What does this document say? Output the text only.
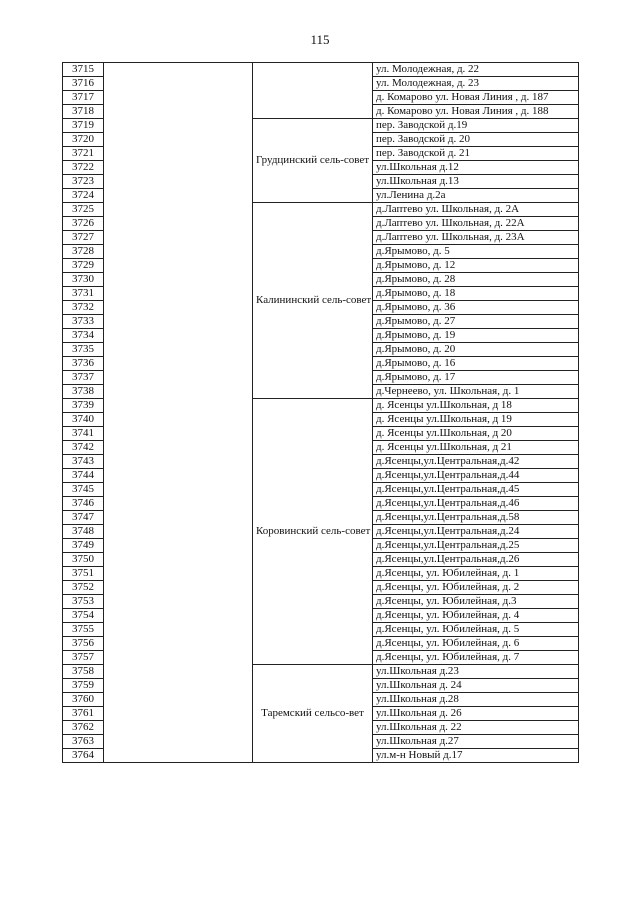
115
3715			ул. Молодежная, д. 22
3716			ул. Молодежная, д. 23
3717			д. Комарово ул. Новая Линия , д. 187
3718			д. Комарово ул. Новая Линия , д. 188
3719		Грудцинский сель-совет	пер. Заводской д.19
3720			пер. Заводской д. 20
3721			пер. Заводской д. 21
3722			ул.Школьная д.12
3723			ул.Школьная д.13
3724			ул.Ленина д.2а
3725		Калининский сель-совет	д.Лаптево ул. Школьная, д. 2А
3726			д.Лаптево ул. Школьная, д. 22А
3727			д.Лаптево ул. Школьная, д. 23А
3728			д.Ярымово, д. 5
3729			д.Ярымово, д. 12
3730			д.Ярымово, д. 28
3731			д.Ярымово, д. 18
3732			д.Ярымово, д. 36
3733			д.Ярымово, д. 27
3734			д.Ярымово, д. 19
3735			д.Ярымово, д. 20
3736			д.Ярымово, д. 16
3737			д.Ярымово, д. 17
3738			д.Чернеево, ул. Школьная, д. 1
3739		Коровинский сель-совет	д. Ясенцы ул.Школьная, д 18
3740			д. Ясенцы ул.Школьная, д 19
3741			д. Ясенцы ул.Школьная, д 20
3742			д. Ясенцы ул.Школьная, д 21
3743			д.Ясенцы,ул.Центральная,д.42
3744			д.Ясенцы,ул.Центральная,д.44
3745			д.Ясенцы,ул.Центральная,д.45
3746			д.Ясенцы,ул.Центральная,д.46
3747			д.Ясенцы,ул.Центральная,д.58
3748			д.Ясенцы,ул.Центральная,д.24
3749			д.Ясенцы,ул.Центральная,д.25
3750			д.Ясенцы,ул.Центральная,д.26
3751			д.Ясенцы, ул. Юбилейная, д. 1
3752			д.Ясенцы, ул. Юбилейная, д. 2
3753			д.Ясенцы, ул. Юбилейная, д.3
3754			д.Ясенцы, ул. Юбилейная, д. 4
3755			д.Ясенцы, ул. Юбилейная, д. 5
3756			д.Ясенцы, ул. Юбилейная, д. 6
3757			д.Ясенцы, ул. Юбилейная, д. 7
3758		Таремский сельсо-вет	ул.Школьная д.23
3759			ул.Школьная д. 24
3760			ул.Школьная д.28
3761			ул.Школьная д. 26
3762			ул.Школьная д. 22
3763			ул.Школьная д.27
3764			ул.м-н Новый д.17
